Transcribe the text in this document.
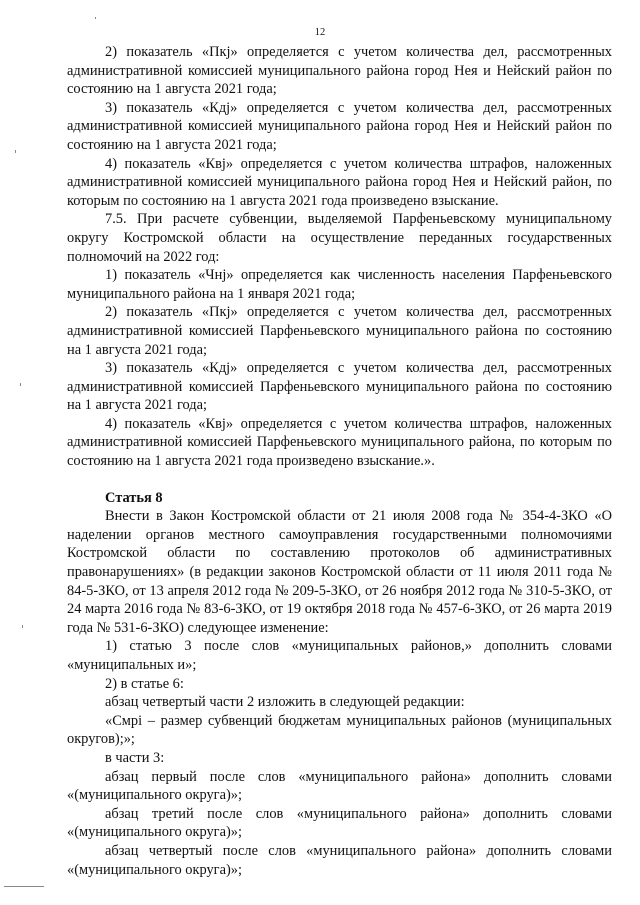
12

2) показатель «Пкj» определяется с учетом количества дел, рассмотренных административной комиссией муниципального района город Нея и Нейский район по состоянию на 1 августа 2021 года;

3) показатель «Кдj» определяется с учетом количества дел, рассмотренных административной комиссией муниципального района город Нея и Нейский район по состоянию на 1 августа 2021 года;

4) показатель «Квj» определяется с учетом количества штрафов, наложенных административной комиссией муниципального района город Нея и Нейский район, по которым по состоянию на 1 августа 2021 года произведено взыскание.

7.5. При расчете субвенции, выделяемой Парфеньевскому муниципальному округу Костромской области на осуществление переданных государственных полномочий на 2022 год:

1) показатель «Чнj» определяется как численность населения Парфеньевского муниципального района на 1 января 2021 года;

2) показатель «Пкj» определяется с учетом количества дел, рассмотренных административной комиссией Парфеньевского муниципального района по состоянию на 1 августа 2021 года;

3) показатель «Кдj» определяется с учетом количества дел, рассмотренных административной комиссией Парфеньевского муниципального района по состоянию на 1 августа 2021 года;

4) показатель «Квj» определяется с учетом количества штрафов, наложенных административной комиссией Парфеньевского муниципального района, по которым по состоянию на 1 августа 2021 года произведено взыскание.».

Статья 8

Внести в Закон Костромской области от 21 июля 2008 года № 354-4-ЗКО «О наделении органов местного самоуправления государственными полномочиями Костромской области по составлению протоколов об административных правонарушениях» (в редакции законов Костромской области от 11 июля 2011 года № 84-5-ЗКО, от 13 апреля 2012 года № 209-5-ЗКО, от 26 ноября 2012 года № 310-5-ЗКО, от 24 марта 2016 года № 83-6-ЗКО, от 19 октября 2018 года № 457-6-ЗКО, от 26 марта 2019 года № 531-6-ЗКО) следующее изменение:

1) статью 3 после слов «муниципальных районов,» дополнить словами «муниципальных и»;

2) в статье 6:

абзац четвертый части 2 изложить в следующей редакции:

«Cмрі – размер субвенций бюджетам муниципальных районов (муниципальных округов);»;

в части 3:

абзац первый после слов «муниципального района» дополнить словами «(муниципального округа)»;

абзац третий после слов «муниципального района» дополнить словами «(муниципального округа)»;

абзац четвертый после слов «муниципального района» дополнить словами «(муниципального округа)»;
